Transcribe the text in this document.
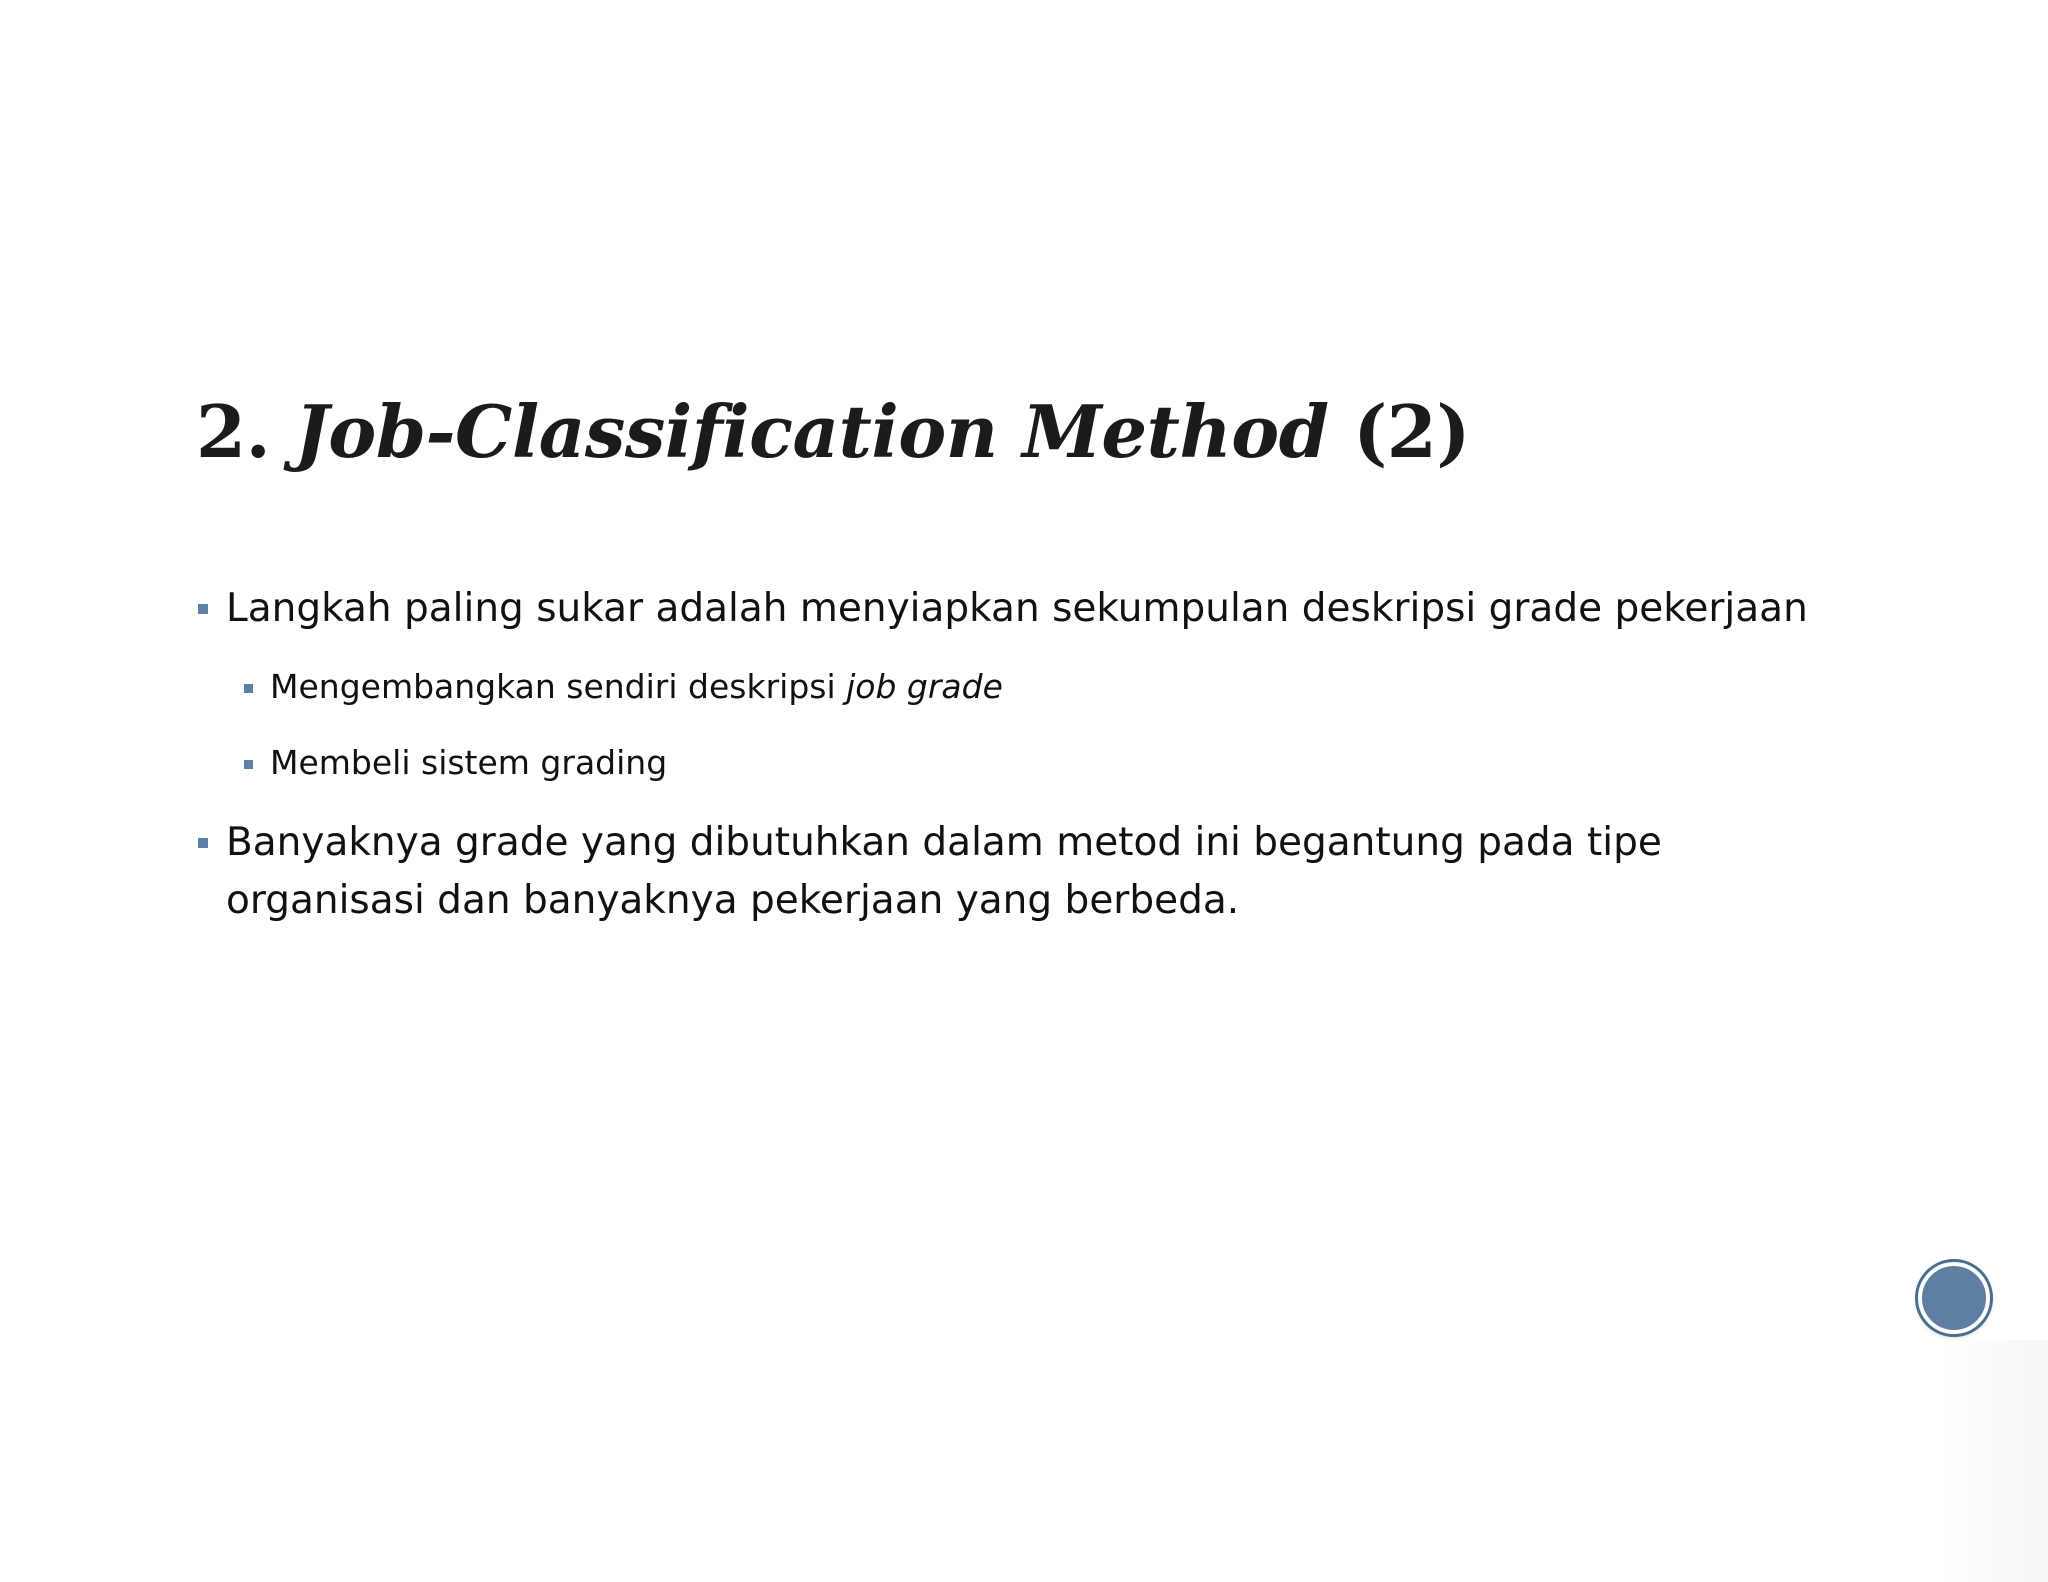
2. Job-Classification Method (2)
Langkah paling sukar adalah menyiapkan sekumpulan deskripsi grade pekerjaan
Mengembangkan sendiri deskripsi job grade
Membeli sistem grading
Banyaknya grade yang dibutuhkan dalam metod ini begantung pada tipe organisasi dan banyaknya pekerjaan yang berbeda.
